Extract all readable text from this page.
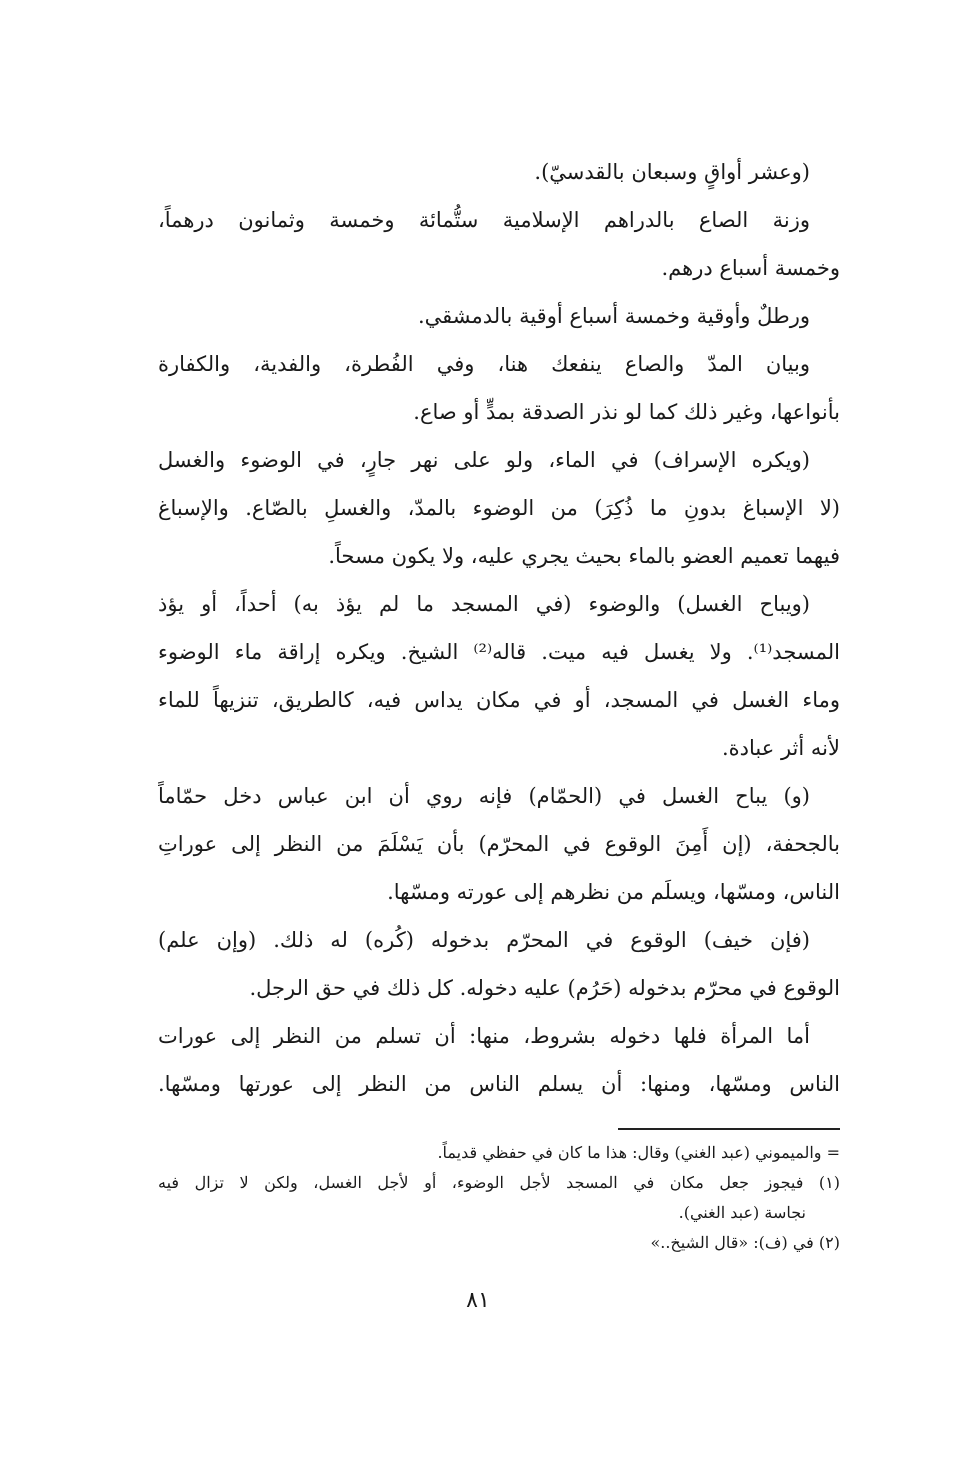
(وعشر أواقٍ وسبعان بالقدسيّ).
وزنة الصاع بالدراهم الإسلامية ستُّمائة وخمسة وثمانون درهماً،
وخمسة أسباع درهم.
ورطلٌ وأوقية وخمسة أسباع أوقية بالدمشقي.
وبيان المدّ والصاع ينفعك هنا، وفي الفُطرة، والفدية، والكفارة
بأنواعها، وغير ذلك كما لو نذر الصدقة بمدٍّ أو صاع.
(ويكره الإسراف) في الماء، ولو على نهر جارٍ، في الوضوء والغسل
(لا الإسباغ بدونِ ما ذُكِرَ) من الوضوء بالمدّ، والغسلِ بالصّاع. والإسباغ
فيهما تعميم العضو بالماء بحيث يجري عليه، ولا يكون مسحاً.
(ويباح الغسل) والوضوء (في المسجد ما لم يؤذ به) أحداً، أو يؤذ
المسجد⁽¹⁾. ولا يغسل فيه ميت. قاله⁽²⁾ الشيخ. ويكره إراقة ماء الوضوء
وماء الغسل في المسجد، أو في مكان يداس فيه، كالطريق، تنزيهاً للماء
لأنه أثر عبادة.
(و) يباح الغسل في (الحمّام) فإنه روي أن ابن عباس دخل حمّاماً
بالجحفة، (إن أَمِنَ الوقوع في المحرّم) بأن يَسْلَمَ من النظر إلى عوراتِ
الناس، ومسّها، ويسلَم من نظرهم إلى عورته ومسّها.
(فإن خيف) الوقوع في المحرّم بدخوله (كُره) له ذلك. (وإن علم)
الوقوع في محرّم بدخوله (حَرُم) عليه دخوله. كل ذلك في حق الرجل.
أما المرأة فلها دخوله بشروط، منها: أن تسلم من النظر إلى عورات
الناس ومسّها، ومنها: أن يسلم الناس من النظر إلى عورتها ومسّها.
= والميموني (عبد الغني) وقال: هذا ما كان في حفظي قديماً.
(١) فيجوز جعل مكان في المسجد لأجل الوضوء، أو لأجل الغسل، ولكن لا تزال فيه
نجاسة (عبد الغني).
(٢) في (ف): «قال الشيخ..»
٨١
